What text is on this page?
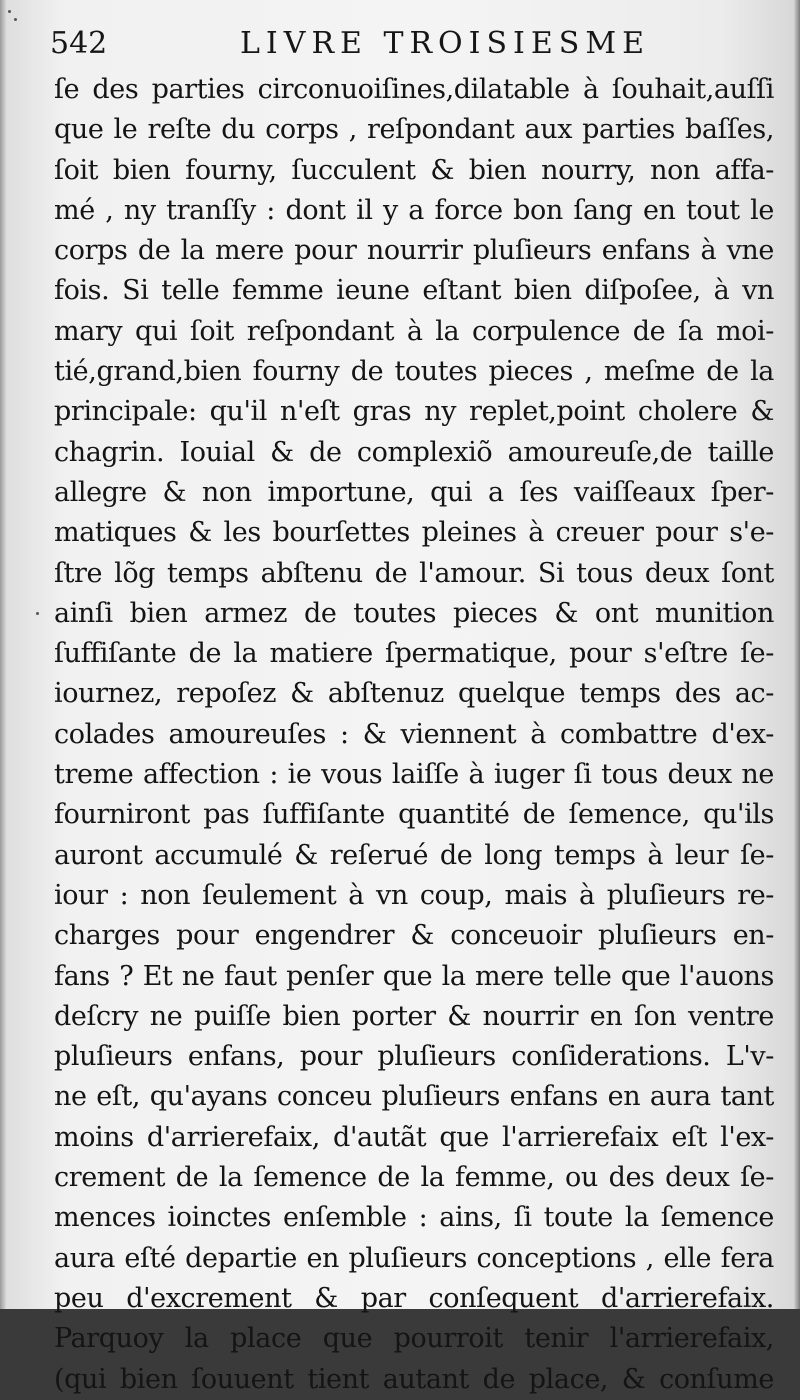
542	LIVRE TROISIESME
ſe des parties circonuoiſines,dilatable à ſouhait,auſſi
que le reſte du corps , reſpondant aux parties baſſes,
ſoit bien fourny, ſucculent & bien nourry, non affa-
mé , ny tranſſy : dont il y a force bon ſang en tout le
corps de la mere pour nourrir pluſieurs enfans à vne
fois. Si telle femme ieune eſtant bien diſpoſee, à vn
mary qui ſoit reſpondant à la corpulence de ſa moi-
tié,grand,bien fourny de toutes pieces , meſme de la
principale: qu'il n'eſt gras ny replet,point cholere &
chagrin. Iouial & de complexiõ amoureuſe,de taille
allegre & non importune, qui a ſes vaiſſeaux ſper-
matiques & les bourſettes pleines à creuer pour s'e-
ſtre lõg temps abſtenu de l'amour. Si tous deux ſont
ainſi bien armez de toutes pieces & ont munition
ſuffiſante de la matiere ſpermatique, pour s'eſtre ſe-
iournez, repoſez & abſtenuz quelque temps des ac-
colades amoureuſes : & viennent à combattre d'ex-
treme affection : ie vous laiſſe à iuger ſi tous deux ne
fourniront pas ſuffiſante quantité de ſemence, qu'ils
auront accumulé & reſerué de long temps à leur ſe-
iour : non ſeulement à vn coup, mais à pluſieurs re-
charges pour engendrer & conceuoir pluſieurs en-
fans ? Et ne faut penſer que la mere telle que l'auons
deſcry ne puiſſe bien porter & nourrir en ſon ventre
pluſieurs enfans, pour pluſieurs conſiderations. L'v-
ne eſt, qu'ayans conceu pluſieurs enfans en aura tant
moins d'arrierefaix, d'autãt que l'arrierefaix eſt l'ex-
crement de la ſemence de la femme, ou des deux ſe-
mences ioinctes enſemble : ains, ſi toute la ſemence
aura eſté departie en pluſieurs conceptions , elle fera
peu d'excrement & par conſequent d'arrierefaix.
Parquoy la place que pourroit tenir l'arrierefaix,
(qui bien ſouuent tient autant de place, & conſume
